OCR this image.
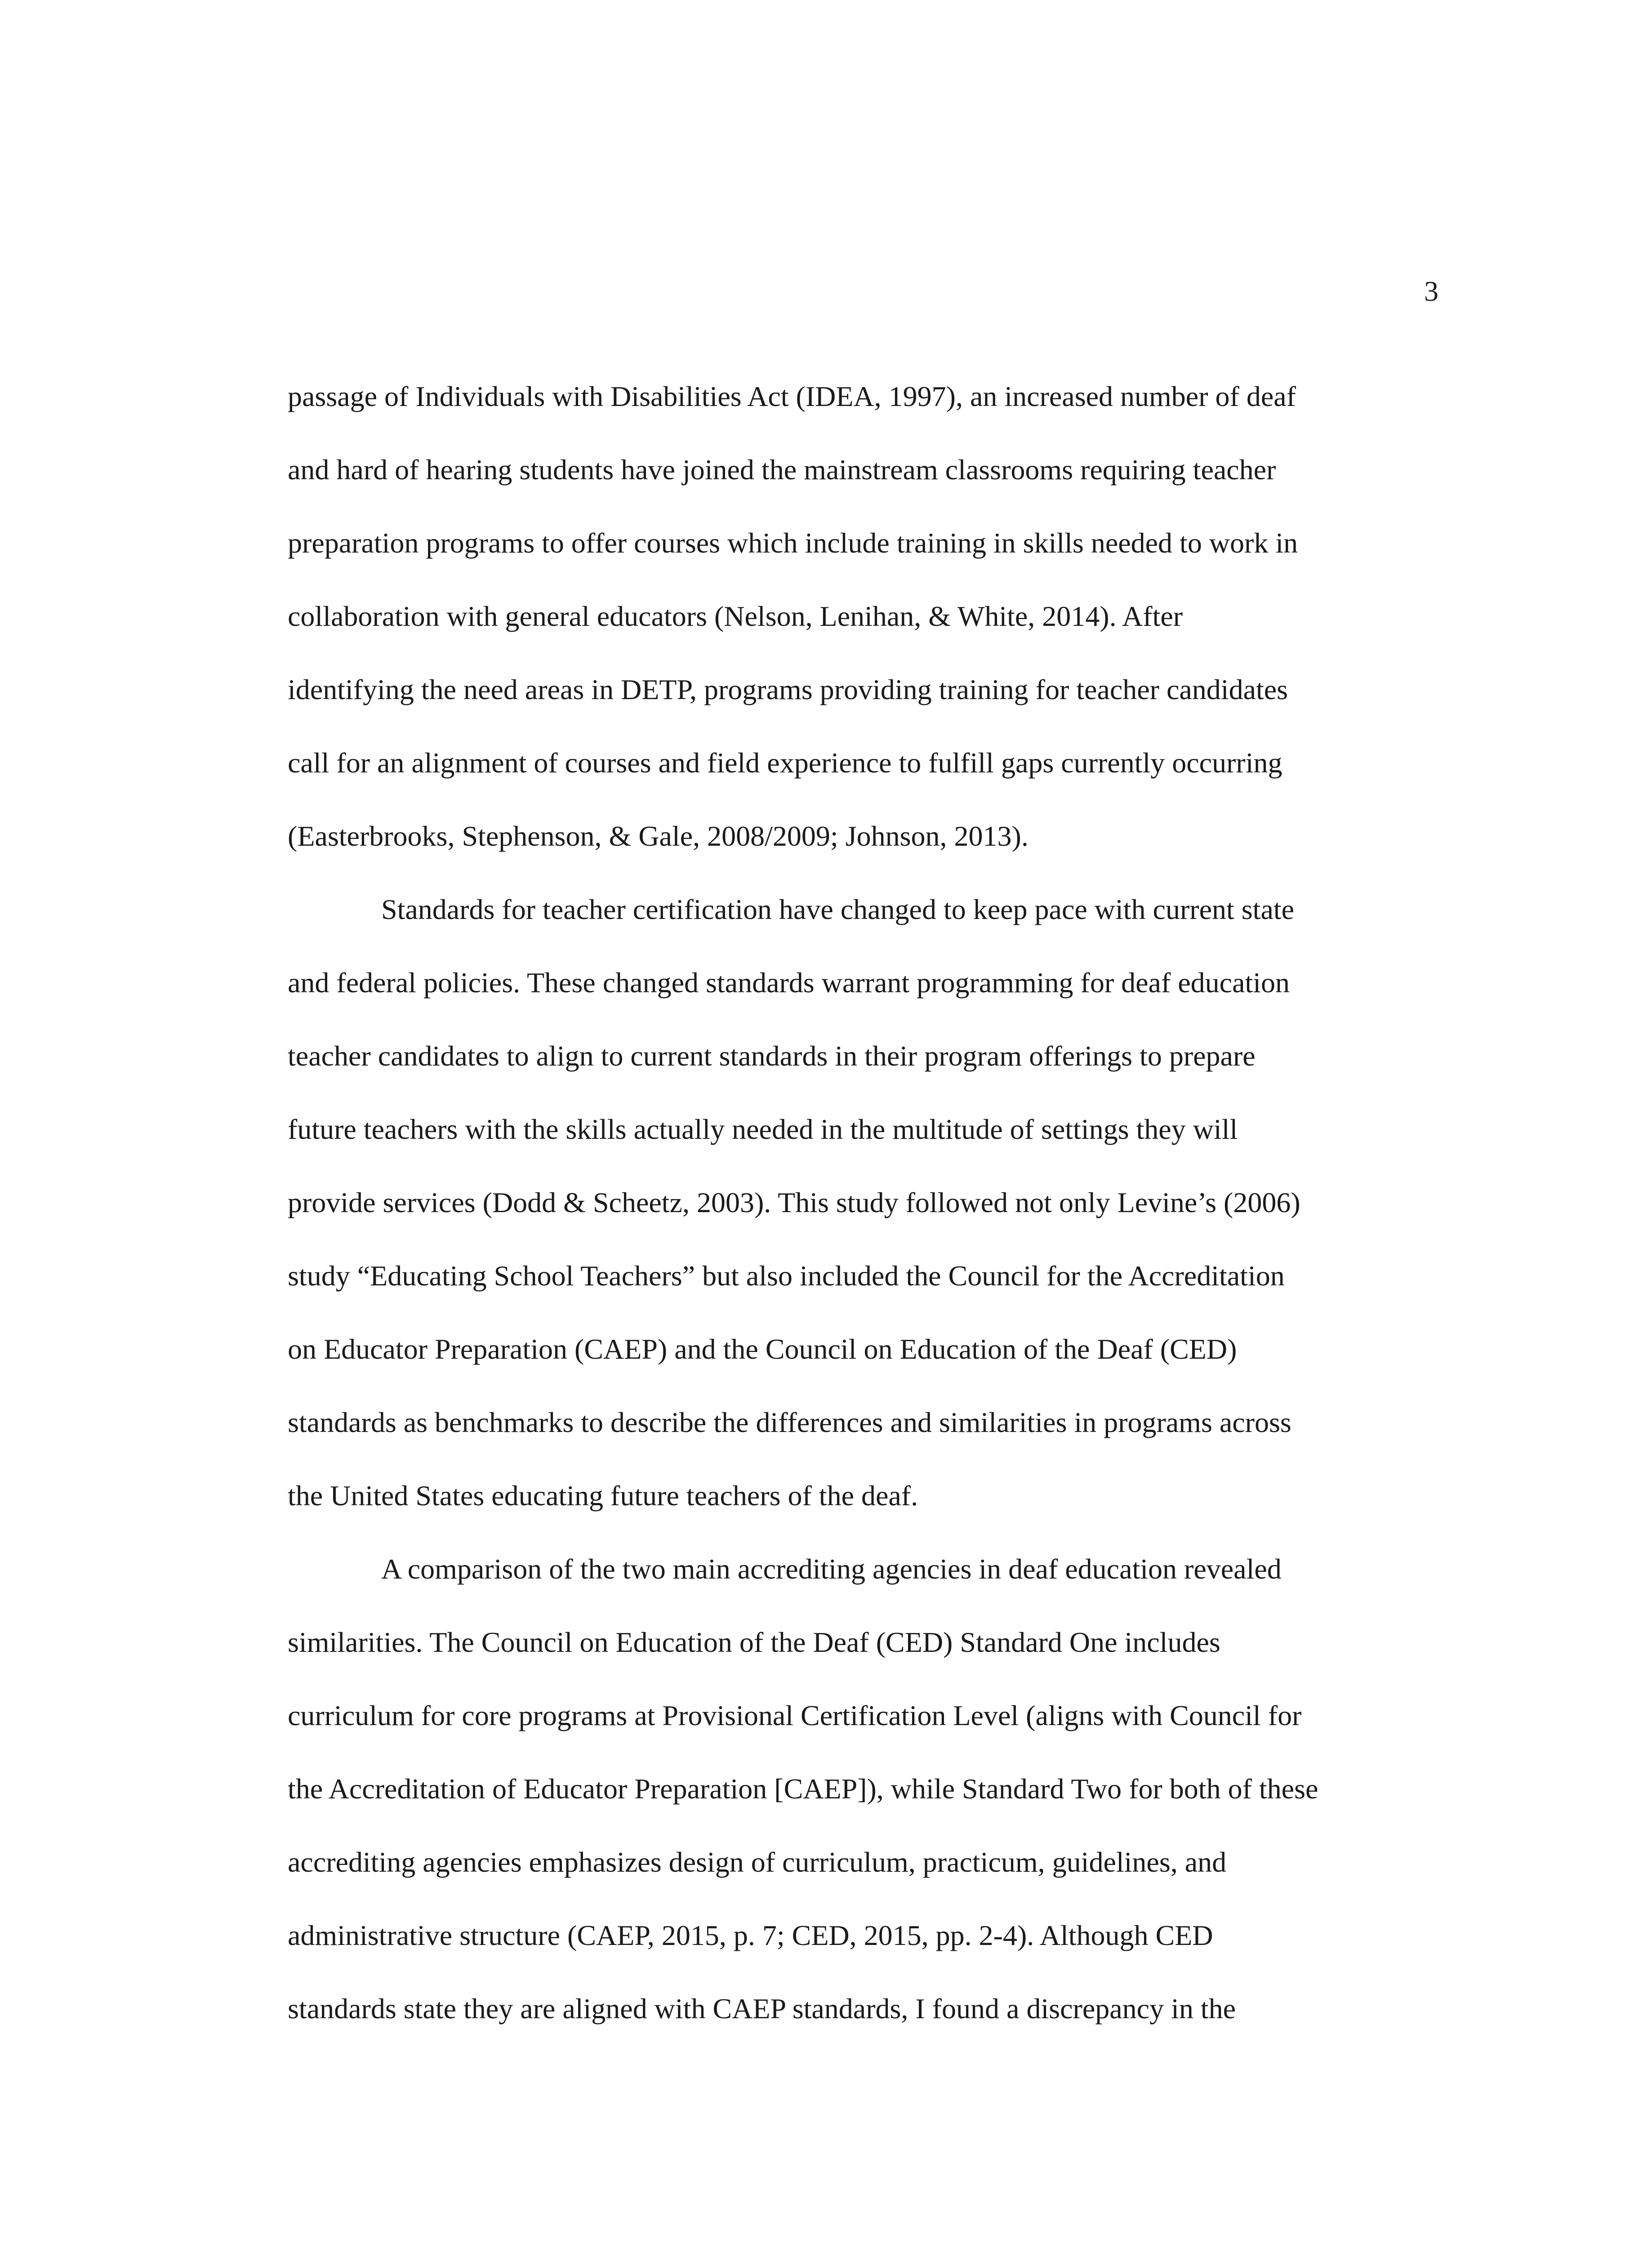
3

passage of Individuals with Disabilities Act (IDEA, 1997), an increased number of deaf
and hard of hearing students have joined the mainstream classrooms requiring teacher
preparation programs to offer courses which include training in skills needed to work in
collaboration with general educators (Nelson, Lenihan, & White, 2014). After
identifying the need areas in DETP, programs providing training for teacher candidates
call for an alignment of courses and field experience to fulfill gaps currently occurring
(Easterbrooks, Stephenson, & Gale, 2008/2009; Johnson, 2013).
Standards for teacher certification have changed to keep pace with current state
and federal policies. These changed standards warrant programming for deaf education
teacher candidates to align to current standards in their program offerings to prepare
future teachers with the skills actually needed in the multitude of settings they will
provide services (Dodd & Scheetz, 2003). This study followed not only Levine’s (2006)
study “Educating School Teachers” but also included the Council for the Accreditation
on Educator Preparation (CAEP) and the Council on Education of the Deaf (CED)
standards as benchmarks to describe the differences and similarities in programs across
the United States educating future teachers of the deaf.
A comparison of the two main accrediting agencies in deaf education revealed
similarities. The Council on Education of the Deaf (CED) Standard One includes
curriculum for core programs at Provisional Certification Level (aligns with Council for
the Accreditation of Educator Preparation [CAEP]), while Standard Two for both of these
accrediting agencies emphasizes design of curriculum, practicum, guidelines, and
administrative structure (CAEP, 2015, p. 7; CED, 2015, pp. 2-4). Although CED
standards state they are aligned with CAEP standards, I found a discrepancy in the
